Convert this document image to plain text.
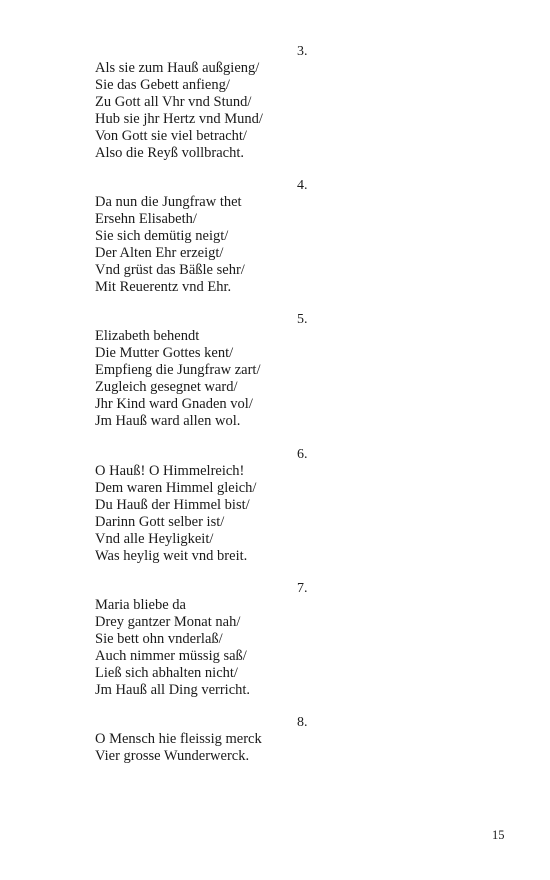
3.
Als sie zum Hauß außgieng/
Sie das Gebett anfieng/
Zu Gott all Vhr vnd Stund/
Hub sie jhr Hertz vnd Mund/
Von Gott sie viel betracht/
Also die Reyß vollbracht.
4.
Da nun die Jungfraw thet
Ersehn Elisabeth/
Sie sich demütig neigt/
Der Alten Ehr erzeigt/
Vnd grüst das Bäßle sehr/
Mit Reuerentz vnd Ehr.
5.
Elizabeth behendt
Die Mutter Gottes kent/
Empfieng die Jungfraw zart/
Zugleich gesegnet ward/
Jhr Kind ward Gnaden vol/
Jm Hauß ward allen wol.
6.
O Hauß! O Himmelreich!
Dem waren Himmel gleich/
Du Hauß der Himmel bist/
Darinn Gott selber ist/
Vnd alle Heyligkeit/
Was heylig weit vnd breit.
7.
Maria bliebe da
Drey gantzer Monat nah/
Sie bett ohn vnderlaß/
Auch nimmer müssig saß/
Ließ sich abhalten nicht/
Jm Hauß all Ding verricht.
8.
O Mensch hie fleissig merck
Vier grosse Wunderwerck.
15
